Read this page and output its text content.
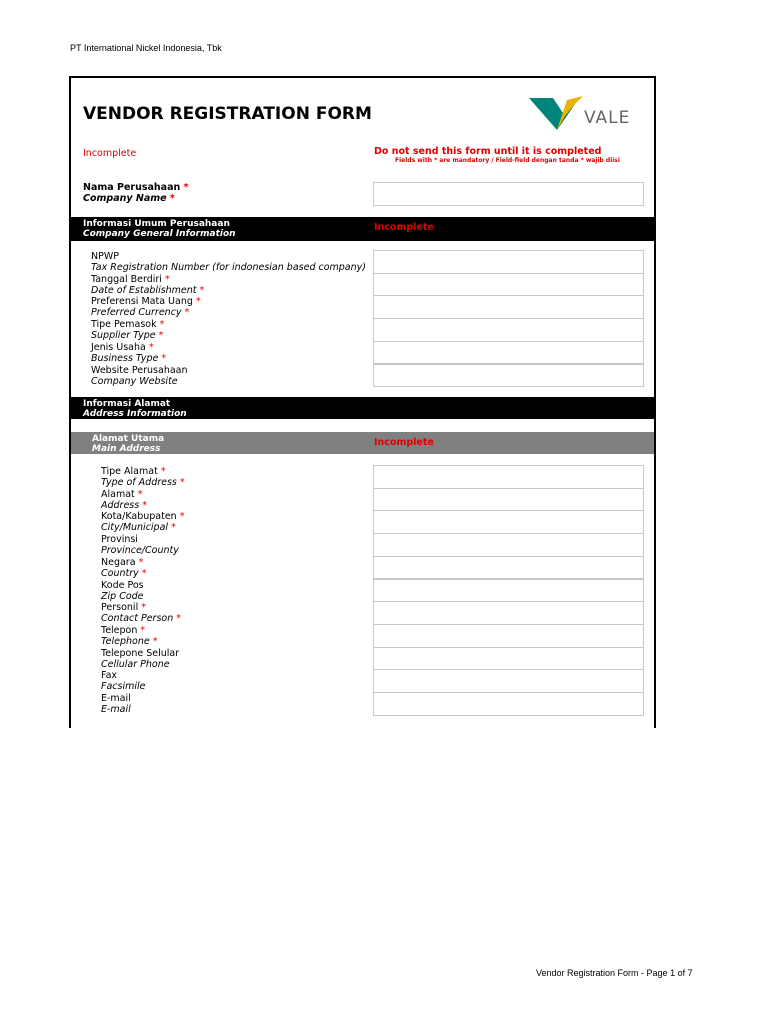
PT International Nickel Indonesia, Tbk
VENDOR REGISTRATION FORM	VALE
Incomplete	Do not send this form until it is completed
Fields with * are mandatory / Field-field dengan tanda * wajib diisi
Nama Perusahaan *
Company Name *
Informasi Umum Perusahaan
Company General Information
Incomplete
NPWP
Tax Registration Number (for indonesian based company)
Tanggal Berdiri *
Date of Establishment *
Preferensi Mata Uang *
Preferred Currency *
Tipe Pemasok *
Supplier Type *
Jenis Usaha *
Business Type *
Website Perusahaan
Company Website
Informasi Alamat
Address Information
Alamat Utama
Main Address
Incomplete
Tipe Alamat *
Type of Address *
Alamat *
Address *
Kota/Kabupaten *
City/Municipal *
Provinsi
Province/County
Negara *
Country *
Kode Pos
Zip Code
Personil *
Contact Person *
Telepon *
Telephone *
Telepone Selular
Cellular Phone
Fax
Facsimile
E-mail
E-mail
Vendor Registration Form - Page 1 of 7
